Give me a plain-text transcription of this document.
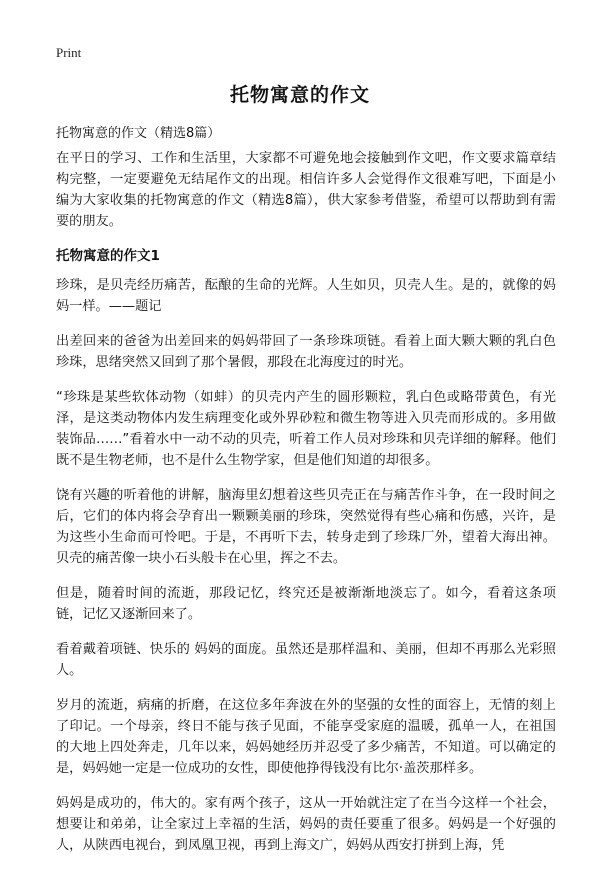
Print
托物寓意的作文
托物寓意的作文（精选8篇）

在平日的学习、工作和生活里，大家都不可避免地会接触到作文吧，作文要求篇章结构完整，一定要避免无结尾作文的出现。相信许多人会觉得作文很难写吧，下面是小编为大家收集的托物寓意的作文（精选8篇），供大家参考借鉴，希望可以帮助到有需要的朋友。

托物寓意的作文1

珍珠，是贝壳经历痛苦，酝酿的生命的光辉。人生如贝，贝壳人生。是的，就像的妈妈一样。——题记

出差回来的爸爸为出差回来的妈妈带回了一条珍珠项链。看着上面大颗大颗的乳白色珍珠，思绪突然又回到了那个暑假，那段在北海度过的时光。

“珍珠是某些软体动物（如蚌）的贝壳内产生的圆形颗粒，乳白色或略带黄色，有光泽，是这类动物体内发生病理变化或外界砂粒和微生物等进入贝壳而形成的。多用做装饰品……”看着水中一动不动的贝壳，听着工作人员对珍珠和贝壳详细的解释。他们既不是生物老师，也不是什么生物学家，但是他们知道的却很多。

饶有兴趣的听着他的讲解，脑海里幻想着这些贝壳正在与痛苦作斗争，在一段时间之后，它们的体内将会孕育出一颗颗美丽的珍珠，突然觉得有些心痛和伤感，兴许，是为这些小生命而可怜吧。于是，不再听下去，转身走到了珍珠厂外，望着大海出神。贝壳的痛苦像一块小石头般卡在心里，挥之不去。

但是，随着时间的流逝，那段记忆，终究还是被渐渐地淡忘了。如今，看着这条项链，记忆又逐渐回来了。

看着戴着项链、快乐的 妈妈的面庞。虽然还是那样温和、美丽，但却不再那么光彩照人。

岁月的流逝，病痛的折磨，在这位多年奔波在外的坚强的女性的面容上，无情的刻上了印记。一个母亲，终日不能与孩子见面，不能享受家庭的温暖，孤单一人，在祖国的大地上四处奔走，几年以来，妈妈她经历并忍受了多少痛苦，不知道。可以确定的是，妈妈她一定是一位成功的女性，即使他挣得钱没有比尔·盖茨那样多。

妈妈是成功的，伟大的。家有两个孩子，这从一开始就注定了在当今这样一个社会，想要让和弟弟，让全家过上幸福的生活，妈妈的责任要重了很多。妈妈是一个好强的人，从陕西电视台，到凤凰卫视，再到上海文广，妈妈从西安打拼到上海，凭
